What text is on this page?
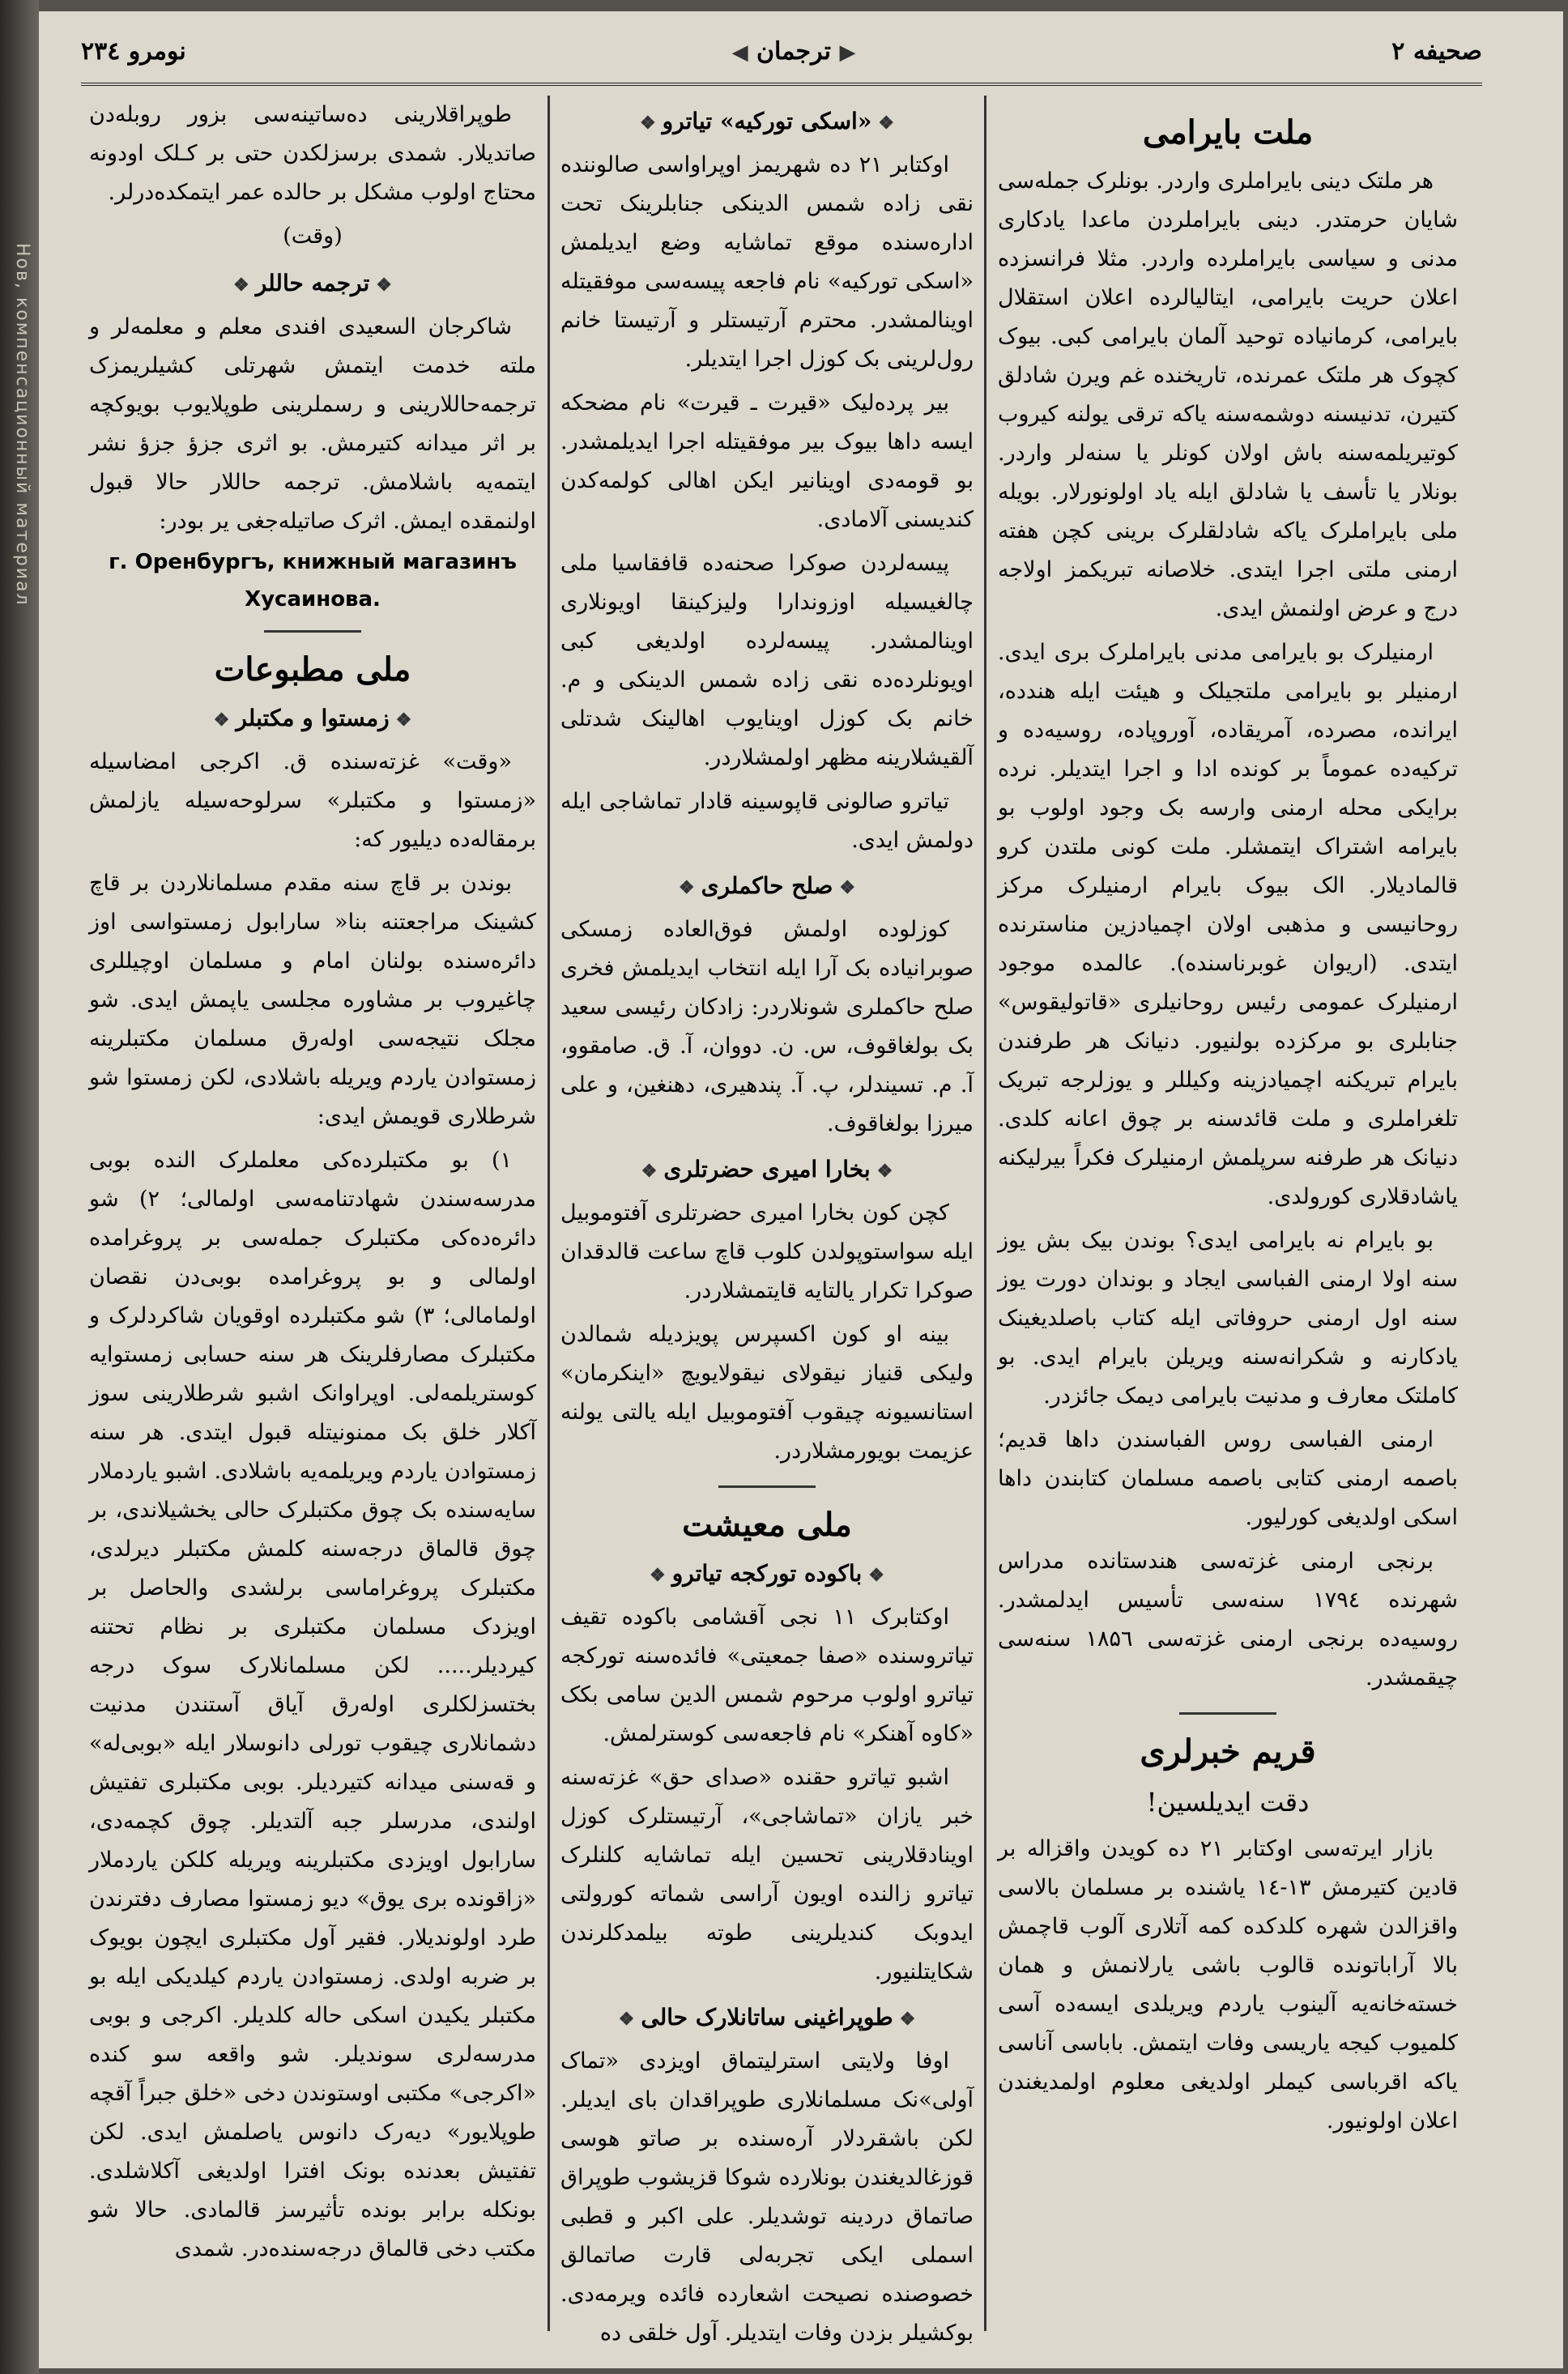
Нов, компенсационный материал
صحیفه ۲
▶ ترجمان ◀
نومرو ۲۳٤
ملت بایرامی

هر ملتک دینی بایراملری واردر. بونلرک جمله‌سی شایان حرمتدر. دینی بایراملردن ماعدا یادکاری مدنی و سیاسی بایراملرده واردر. مثلا فرانسزده اعلان حریت بایرامی، ایتالیالرده اعلان استقلال بایرامی، کرمانیاده توحید آلمان بایرامی کبی. بیوک کچوک هر ملتک عمرنده، تاریخنده غم ویرن شادلق کتیرن، تدنیسنه دوشمه‌سنه یاکه ترقی یولنه کیروب کوتیریلمه‌سنه باش اولان کونلر یا سنه‌لر واردر. بونلار یا تأسف یا شادلق ایله یاد اولونورلار. بویله ملی بایراملرک یاکه شادلقلرک برینی کچن هفته ارمنی ملتی اجرا ایتدی. خلاصانه تبریکمز اولاجه درج و عرض اولنمش ایدی.

ارمنیلرک بو بایرامی مدنی بایراملرک بری ایدی. ارمنیلر بو بایرامی ملتجیلک و هیئت ایله هندده، ایرانده، مصرده، آمریقاده، آوروپاده، روسیه‌ده و ترکیه‌ده عموماً بر کونده ادا و اجرا ایتدیلر. نرده برایکی محله ارمنی وارسه بک وجود اولوب بو بایرامه اشتراک ایتمشلر. ملت کونی ملتدن کرو قالمادیلار. الک بیوک بایرام ارمنیلرک مرکز روحانیسی و مذهبی اولان اچمیادزین مناسترنده ایتدی. (اریوان غوبرناسنده). عالمده موجود ارمنیلرک عمومی رئیس روحانیلری «قاتولیقوس» جنابلری بو مرکزده بولنیور. دنیانک هر طرفندن بایرام تبریکنه اچمیادزینه وکیللر و یوزلرجه تبریک تلغراملری و ملت قائدسنه بر چوق اعانه کلدی. دنیانک هر طرفنه سرپلمش ارمنیلرک فکراً بیرلیکنه یاشادقلاری کورولدی.

بو بایرام نه بایرامی ایدی؟ بوندن بیک بش یوز سنه اولا ارمنی الفباسی ایجاد و بوندان دورت یوز سنه اول ارمنی حروفاتی ایله کتاب باصلدیغینک یادکارنه و شکرانه‌سنه ویریلن بایرام ایدی. بو کاملتک معارف و مدنیت بایرامی دیمک جائزدر.

ارمنی الفباسی روس الفباسندن داها قدیم؛ باصمه ارمنی کتابی باصمه مسلمان کتابندن داها اسکی اولدیغی کورلیور.

برنجی ارمنی غزته‌سی هندستانده مدراس شهرنده ۱۷۹٤ سنه‌سی تأسیس ایدلمشدر. روسیه‌ده برنجی ارمنی غزته‌سی ۱۸۵٦ سنه‌سی چیقمشدر.

قریم خبرلری
دقت ایدیلسین!

بازار ایرته‌سی اوکتابر ۲۱ ده کویدن واقزاله بر قادین کتیرمش ۱۳-۱٤ یاشنده بر مسلمان بالاسی واقزالدن شهره کلدکده کمه آتلاری آلوب قاچمش بالا آراباتونده قالوب باشی یارلانمش و همان خسته‌خانه‌یه آلینوب یاردم ویریلدی ایسه‌ده آسی کلمیوب کیجه یاریسی وفات ایتمش. باباسی آناسی یاکه اقرباسی کیملر اولدیغی معلوم اولمدیغندن اعلان اولونیور.

❖«اسکی تورکیه» تیاترو❖

اوکتابر ۲۱ ده شهریمز اوپراواسی صالوننده نقی زاده شمس الدینکی جنابلرینک تحت اداره‌سنده موقع تماشایه وضع ایدیلمش «اسکی تورکیه» نام فاجعه پیسه‌سی موفقیتله اوینالمشدر. محترم آرتیستلر و آرتیستا خانم رول‌لرینی بک کوزل اجرا ایتدیلر.

بیر پرده‌لیک «قیرت ـ قیرت» نام مضحکه ایسه داها بیوک بیر موفقیتله اجرا ایدیلمشدر. بو قومه‌دی اوینانیر ایکن اهالی کولمه‌کدن کندیسنی آلامادی.

پیسه‌لردن صوکرا صحنه‌ده قافقاسیا ملی چالغیسیله اوزوندارا ولیزکینقا اویونلاری اوینالمشدر. پیسه‌لرده اولدیغی کبی اویونلرده‌ده نقی زاده شمس الدینکی و م. خانم بک کوزل اوینایوب اهالینک شدتلی آلقیشلارینه مظهر اولمشلاردر.

تیاترو صالونی قاپوسینه قادار تماشاجی ایله دولمش ایدی.

❖صلح حاکملری❖

کوزلوده اولمش فوق‌العاده زمسکی صوبرانیاده بک آرا ایله انتخاب ایدیلمش فخری صلح حاکملری شونلاردر: زادکان رئیسی سعید بک بولغاقوف، س. ن. دووان، آ. ق. صامقوو، آ. م. تسیندلر، پ. آ. پندهیری، دهنغین، و علی میرزا بولغاقوف.

❖بخارا امیری حضرتلری❖

کچن کون بخارا امیری حضرتلری آفتوموبیل ایله سواستوپولدن کلوب قاچ ساعت قالدقدان صوکرا تکرار یالتایه قایتمشلاردر.

بینه او کون اکسپرس پویزدیله شمالدن ولیکی قنیاز نیقولای نیقولایویچ «اینکرمان» استانسیونه چیقوب آفتوموبیل ایله یالتی یولنه عزیمت بویورمشلاردر.

ملی معیشت
❖باکوده تورکجه تیاترو❖

اوکتابرک ۱۱ نجی آقشامی باکوده تقیف تیاتروسنده «صفا جمعیتی» فائده‌سنه تورکجه تیاترو اولوب مرحوم شمس الدین سامی بکک «کاوه آهنکر» نام فاجعه‌سی کوسترلمش.

اشبو تیاترو حقنده «صدای حق» غزته‌سنه خبر یازان «تماشاجی»، آرتیستلرک کوزل اوینادقلارینی تحسین ایله تماشایه کلنلرک تیاترو زالنده اویون آراسی شماته کورولتی ایدوبک کندیلرینی طوته بیلمدکلرندن شکایتلنیور.

❖طوپراغینی ساتانلارک حالی❖

اوفا ولایتی استرلیتماق اویزدی «تماک آولی»نک مسلمانلاری طوپراقدان بای ایدیلر. لکن باشقردلار آره‌سنده بر صاتو هوسی قوزغالدیغندن بونلارده شوکا قزیشوب طوپراق صاتماق دردینه توشدیلر. علی اکبر و قطبی اسملی ایکی تجربه‌لی قارت صاتمالق خصوصنده نصیحت اشعارده فائده ویرمه‌دی. بوکشیلر بزدن وفات ایتدیلر. آول خلقی ده

طوپراقلارینی ده‌ساتینه‌سی بزور روبله‌دن صاتدیلار. شمدی برسزلکدن حتی بر کـلک اودونه محتاج اولوب مشکل بر حالده عمر ایتمکده‌درلر.

(وقت)
❖ترجمه حاللر❖

شاکرجان السعیدی افندی معلم و معلمه‌لر و ملته خدمت ایتمش شهرتلی کشیلریمزک ترجمه‌حاللارینی و رسملرینی طوپلایوب بویوکچه بر اثر میدانه کتیرمش. بو اثری جزؤ جزؤ نشر ایتمه‌یه باشلامش. ترجمه حاللار حالا قبول اولنمقده ایمش. اثرک صاتیله‌جغی یر بودر:

г. Оренбургъ, книжный магазинъ
Хусаинова.
ملی مطبوعات
❖زمستوا و مکتبلر❖

«وقت» غزته‌سنده ق. اکرجی امضاسیله «زمستوا و مکتبلر» سرلوحه‌سیله یازلمش برمقاله‌ده دیلیور که:

بوندن بر قاچ سنه مقدم مسلمانلاردن بر قاچ کشینک مراجعتنه بنا« سارابول زمستواسی اوز دائره‌سنده بولنان امام و مسلمان اوچیللری چاغیروب بر مشاوره مجلسی یاپمش ایدی. شو مجلک نتیجه‌سی اوله‌رق مسلمان مکتبلرینه زمستوادن یاردم ویریله باشلادی، لکن زمستوا شو شرطلاری قویمش ایدی:

۱) بو مکتبلرده‌کی معلملرک النده بوبی مدرسه‌سندن شهادتنامه‌سی اولمالی؛ ۲) شو دائره‌ده‌کی مکتبلرک جمله‌سی بر پروغرامده اولمالی و بو پروغرامده بوبی‌دن نقصان اولمامالی؛ ۳) شو مکتبلرده اوقویان شاکردلرک و مکتبلرک مصارفلرینک هر سنه حسابی زمستوایه کوستریلمه‌لی. اوپراوانک اشبو شرطلارینی سوز آکلار خلق بک ممنونیتله قبول ایتدی. هر سنه زمستوادن یاردم ویریلمه‌یه باشلادی. اشبو یاردملار سایه‌سنده بک چوق مکتبلرک حالی یخشیلاندی، بر چوق قالماق درجه‌سنه کلمش مکتبلر دیرلدی، مکتبلرک پروغراماسی برلشدی والحاصل بر اویزدک مسلمان مکتبلری بر نظام تحتنه کیردیلر..... لکن مسلمانلارک سوک درجه بختسزلکلری اوله‌رق آیاق آستندن مدنیت دشمانلاری چیقوب تورلی دانوسلار ایله «بوبی‌له» و قه‌سنی میدانه کتیردیلر. بوبی مکتبلری تفتیش اولندی، مدرسلر جبه آلتدیلر. چوق کچمه‌دی، سارابول اویزدی مکتبلرینه ویریله کلکن یاردملار «زاقونده بری یوق» دیو زمستوا مصارف دفترندن طرد اولوندیلار. فقیر آول مکتبلری ایچون بویوک بر ضربه اولدی. زمستوادن یاردم کیلدیکی ایله بو مکتبلر یکیدن اسکی حاله کلدیلر. اکرجی و بوبی مدرسه‌لری سوندیلر. شو واقعه سو کنده «اکرجی» مکتبی اوستوندن دخی «خلق جبراً آقچه طوپلایور» دیه‌رک دانوس یاصلمش ایدی. لکن تفتیش بعدنده بونک افترا اولدیغی آکلاشلدی. بونکله برابر بونده تأثیرسز قالمادی. حالا شو مکتب دخی قالماق درجه‌سنده‌در. شمدی
